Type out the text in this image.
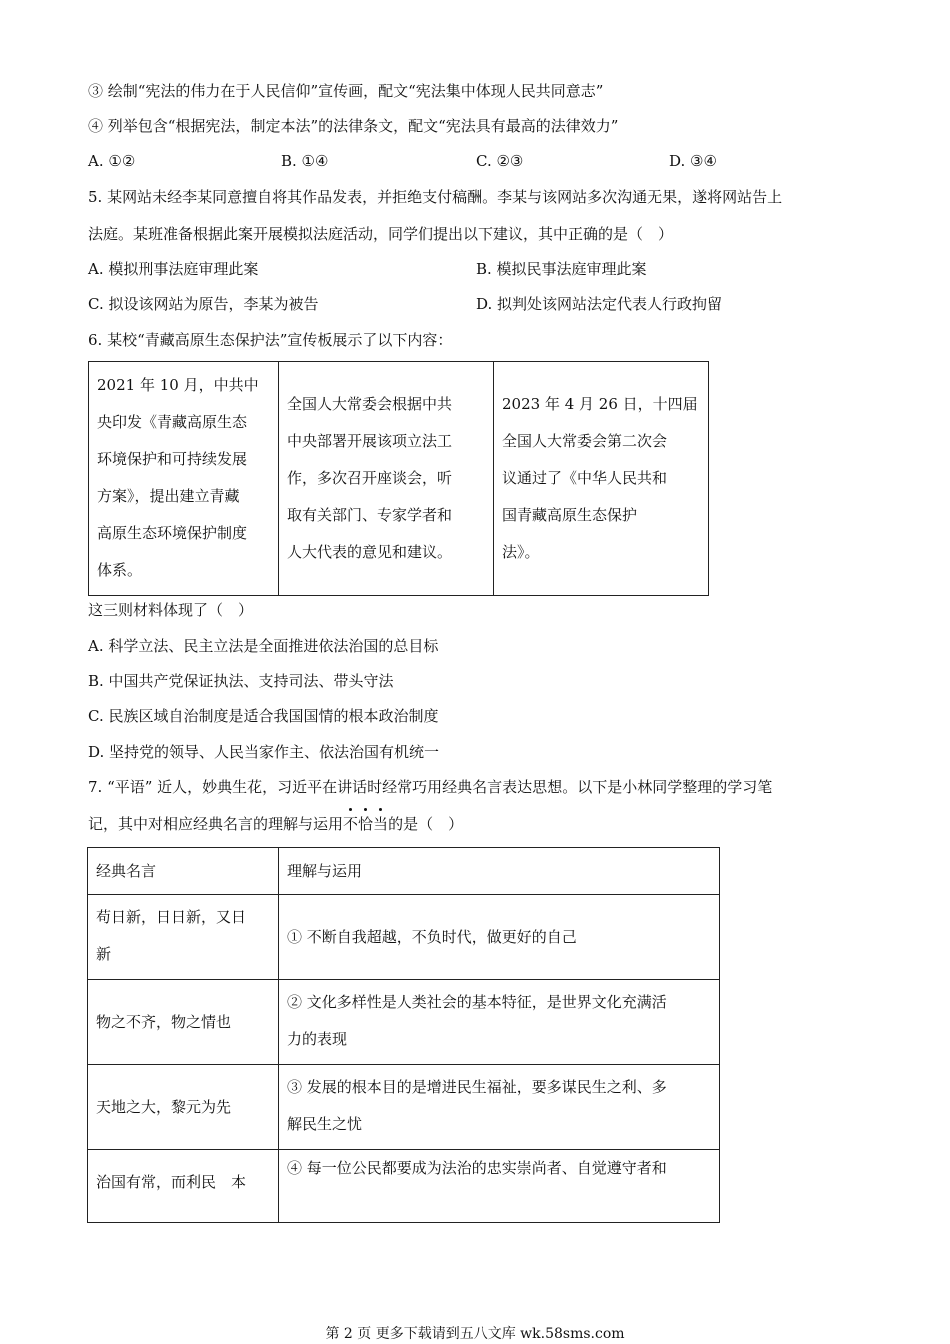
③ 绘制“宪法的伟力在于人民信仰”宣传画，配文“宪法集中体现人民共同意志”
④ 列举包含“根据宪法，制定本法”的法律条文，配文“宪法具有最高的法律效力”
A. ①②	B. ①④	C. ②③	D. ③④
5. 某网站未经李某同意擅自将其作品发表，并拒绝支付稿酬。李某与该网站多次沟通无果，遂将网站告上
法庭。某班准备根据此案开展模拟法庭活动，同学们提出以下建议，其中正确的是（　）
A. 模拟刑事法庭审理此案	B. 模拟民事法庭审理此案
C. 拟设该网站为原告，李某为被告	D. 拟判处该网站法定代表人行政拘留
6. 某校“青藏高原生态保护法”宣传板展示了以下内容：
2021 年 10 月，中共中
央印发《青藏高原生态
环境保护和可持续发展
方案》，提出建立青藏
高原生态环境保护制度
体系。

全国人大常委会根据中共
中央部署开展该项立法工
作，多次召开座谈会，听
取有关部门、专家学者和
人大代表的意见和建议。

2023 年 4 月 26 日，十四届
全国人大常委会第二次会
议通过了《中华人民共和
国青藏高原生态保护
法》。
这三则材料体现了（　）
A. 科学立法、民主立法是全面推进依法治国的总目标
B. 中国共产党保证执法、支持司法、带头守法
C. 民族区域自治制度是适合我国国情的根本政治制度
D. 坚持党的领导、人民当家作主、依法治国有机统一
7. “平语” 近人，妙典生花，习近平在讲话时经常巧用经典名言表达思想。以下是小林同学整理的学习笔
记，其中对相应经典名言的理解与运用不恰当的是（　）
经典名言	理解与运用

苟日新，日日新，又日
新	① 不断自我超越，不负时代，做更好的自己

物之不齐，物之情也	② 文化多样性是人类社会的基本特征，是世界文化充满活
力的表现

天地之大，黎元为先	③ 发展的根本目的是增进民生福祉，要多谋民生之利、多
解民生之忧

治国有常，而利民　本	④ 每一位公民都要成为法治的忠实崇尚者、自觉遵守者和
第 2 页 更多下载请到五八文库 wk.58sms.com
